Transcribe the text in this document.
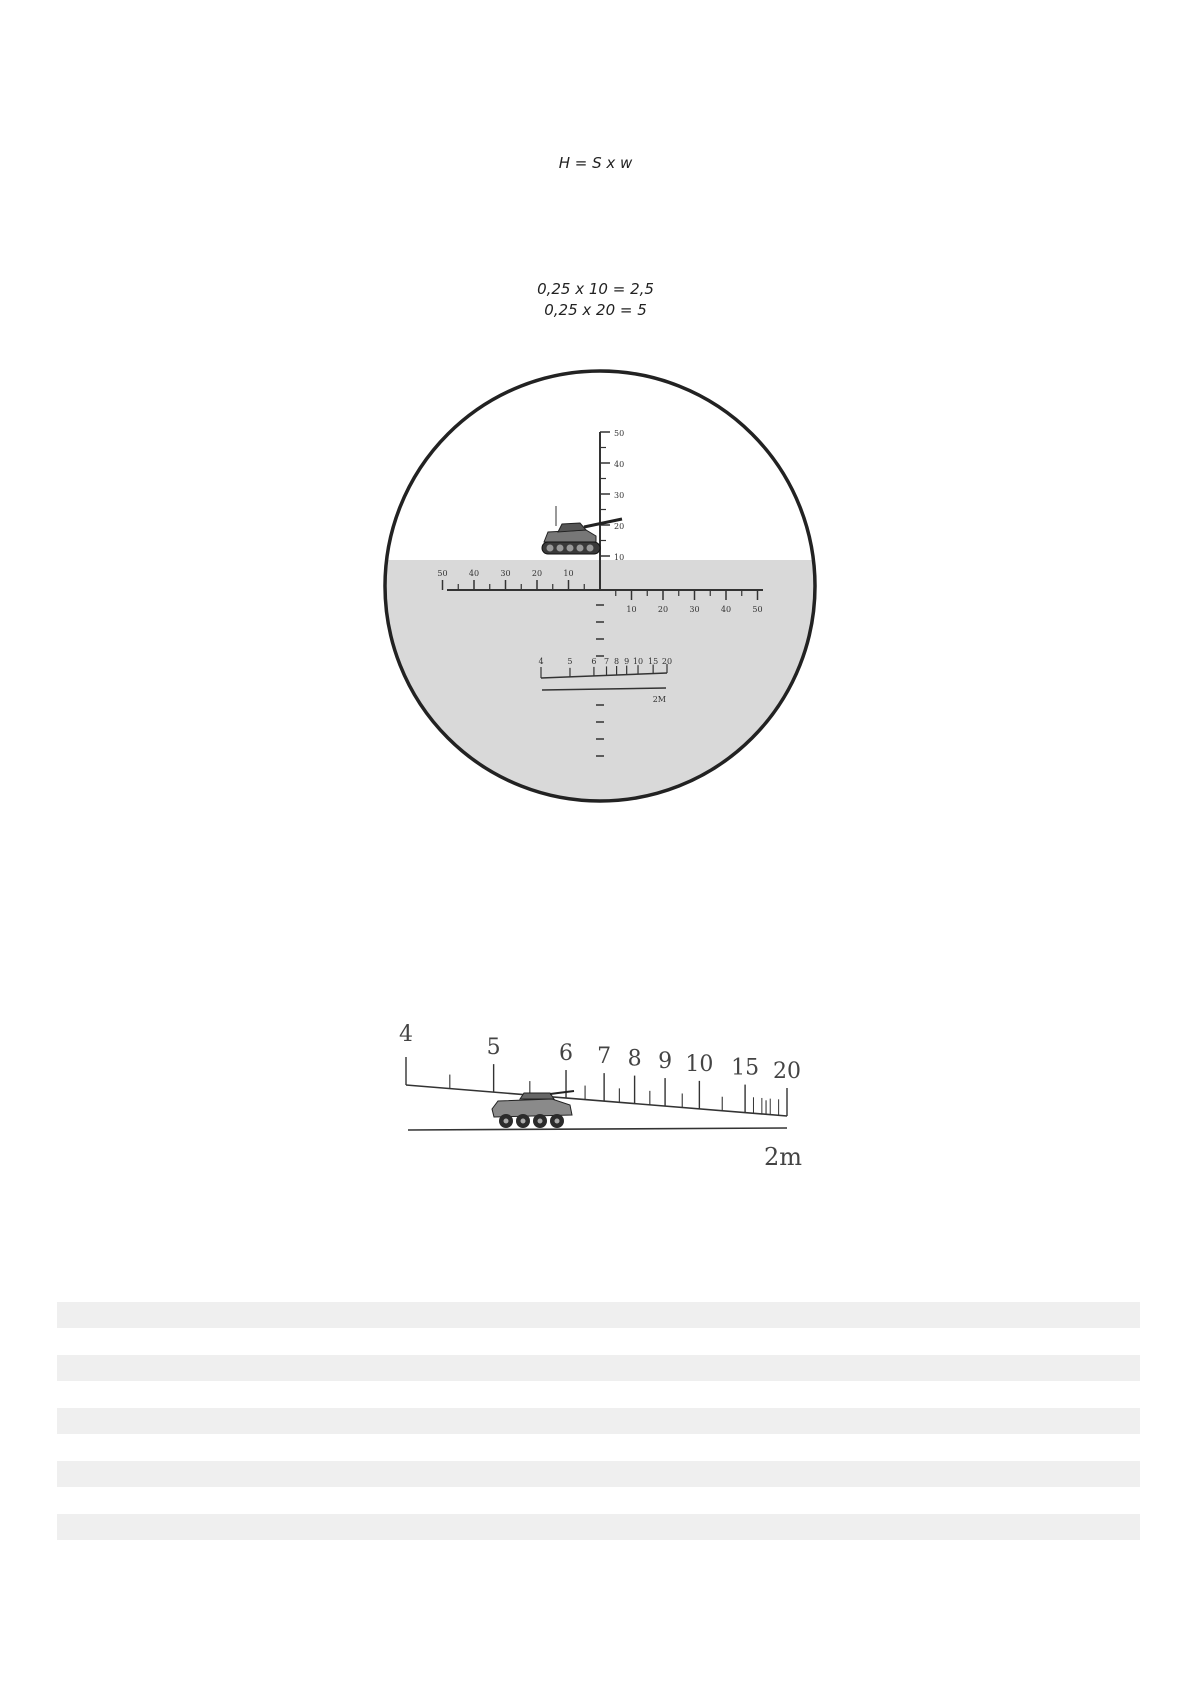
H = S x w
0,25 x 10 = 2,5
0,25 x 20 = 5
50
40
30
20
10
50	40	30	20	10
10	20	30	40	50
4	5 6 7 8 9 10 15 20
2M
4
5	6 7 8 9 10 15 20
2m
